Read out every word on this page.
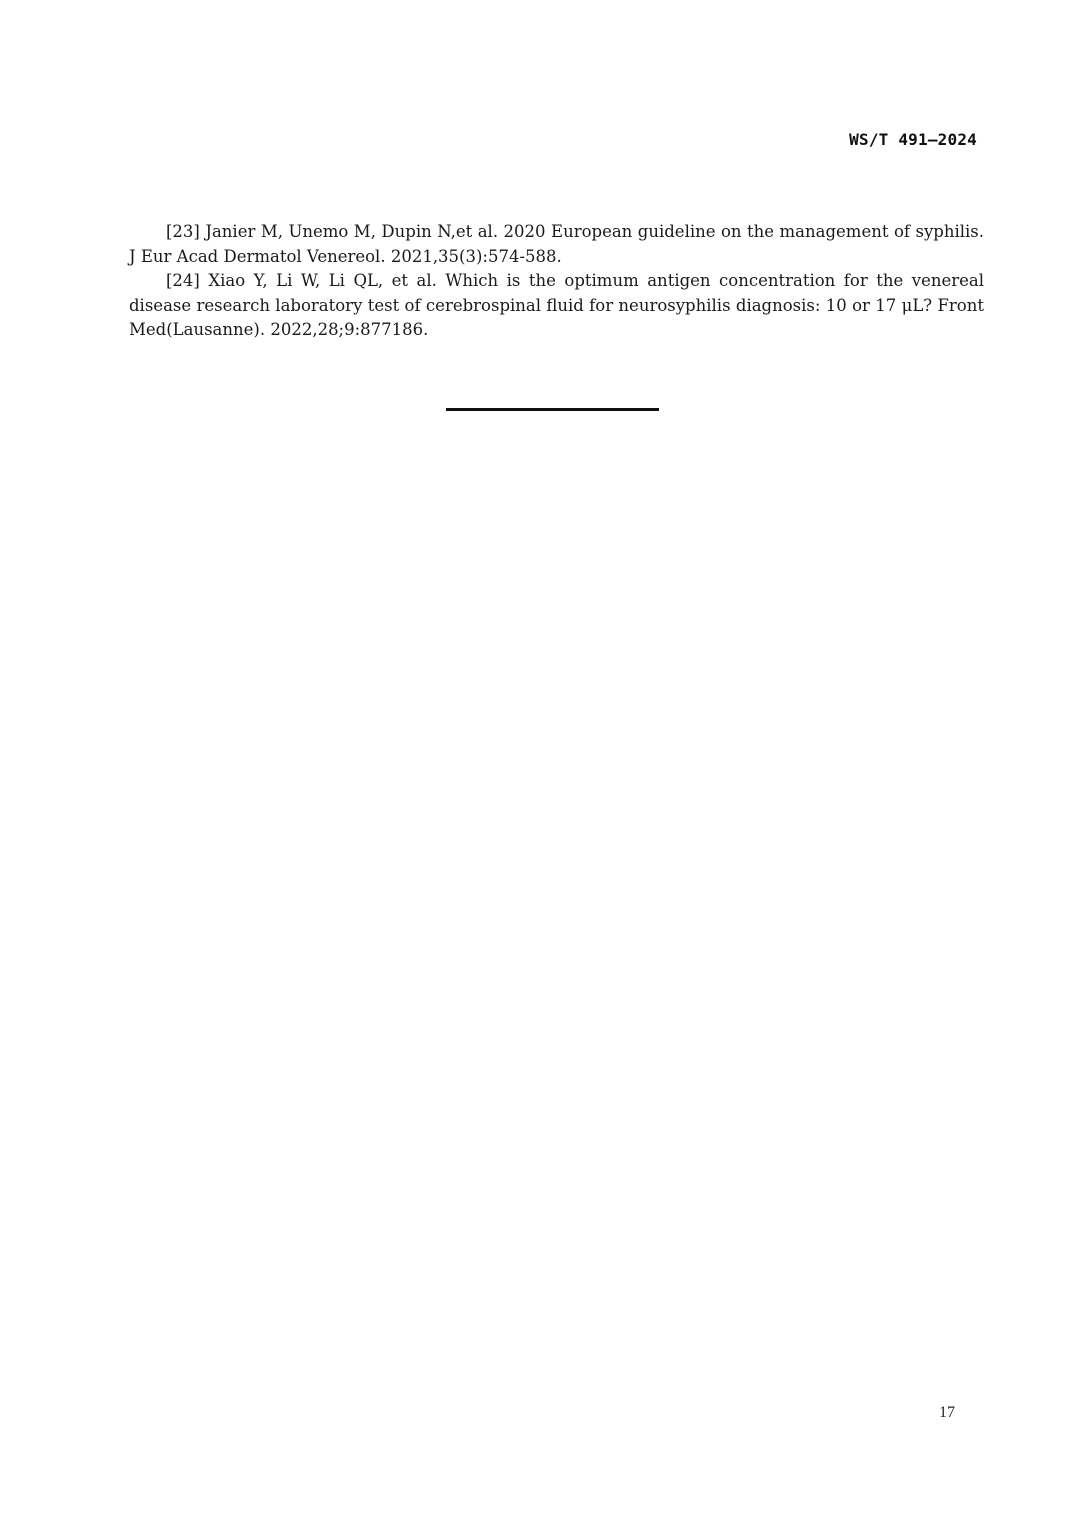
WS/T 491—2024

[23] Janier M, Unemo M, Dupin N,et al. 2020 European guideline on the management of syphilis. J Eur Acad Dermatol Venereol. 2021,35(3):574-588.

[24] Xiao Y, Li W, Li QL, et al. Which is the optimum antigen concentration for the venereal disease research laboratory test of cerebrospinal fluid for neurosyphilis diagnosis: 10 or 17 μL? Front Med(Lausanne). 2022,28;9:877186.

17
